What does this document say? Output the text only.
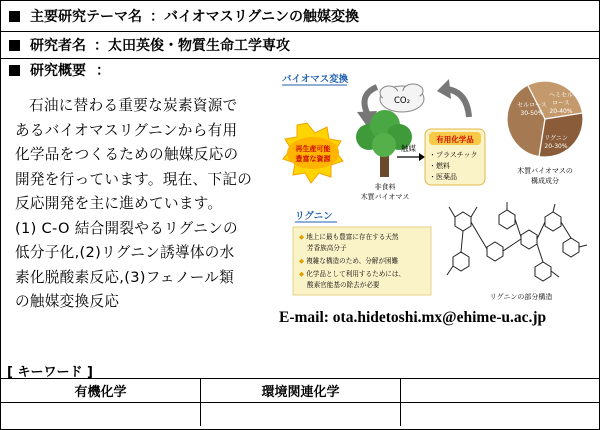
主要研究テーマ名 ：バイオマスリグニンの触媒変換
研究者名 ：太田英俊・物質生命工学専攻
研究概要 ：

石油に替わる重要な炭素資源で

あるバイオマスリグニンから有用

化学品をつくるための触媒反応の

開発を行っています。現在、下記の

反応開発を主に進めています。

(1) C-O 結合開裂やるリグニンの

低分子化,(2)リグニン誘導体の水

素化脱酸素反応,(3)フェノール類

の触媒変換反応

バイオマス変換
CO₂
再生産可能
豊富な資源
非食料
木質バイオマス
触媒
有用化学品
・プラスチック
・燃料
・医薬品
セルロース
30-50%
ヘミセル
ロース
20-40%
リグニン
20-30%
木質バイオマスの
構成成分
リグニン
◆ 地上に最も豊富に存在する天然
芳香族高分子
◆ 複雑な構造のため、分解が困難
◆ 化学品として利用するためには、
酸素官能基の除去が必要
リグニンの部分構造
E-mail: ota.hidetoshi.mx@ehime-u.ac.jp
[ キーワード ]
有機化学	環境関連化学	
